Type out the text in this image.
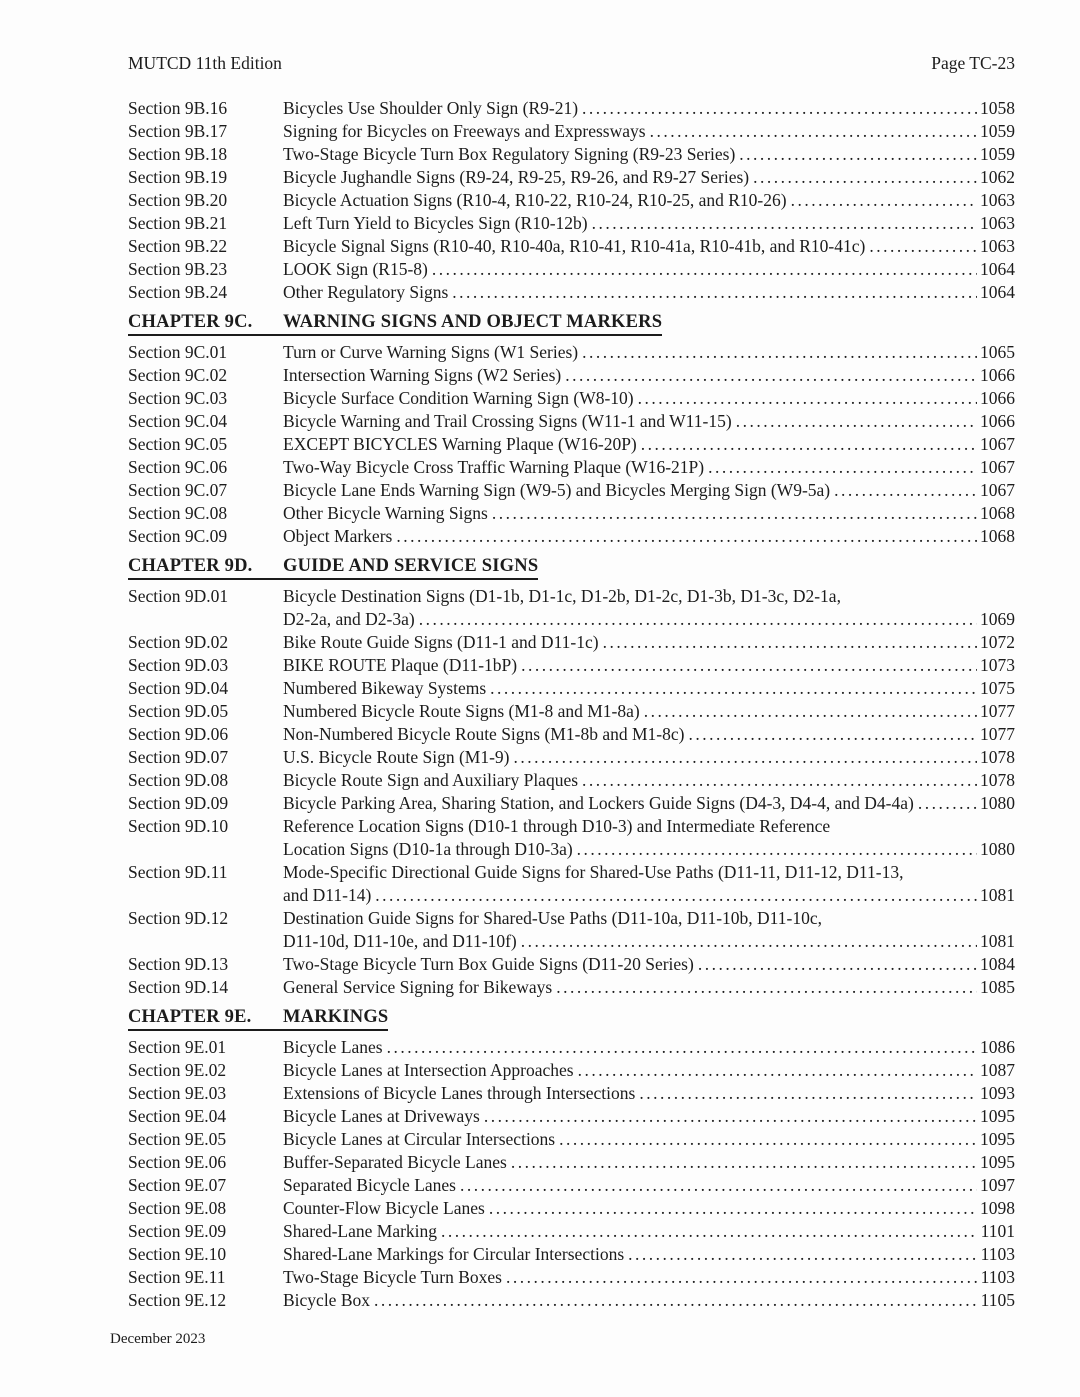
MUTCD 11th Edition	Page TC-23
Section 9B.16	Bicycles Use Shoulder Only Sign (R9-21) .....	1058
Section 9B.17	Signing for Bicycles on Freeways and Expressways .....	1059
Section 9B.18	Two-Stage Bicycle Turn Box Regulatory Signing (R9-23 Series) .....	1059
Section 9B.19	Bicycle Jughandle Signs (R9-24, R9-25, R9-26, and R9-27 Series) .....	1062
Section 9B.20	Bicycle Actuation Signs (R10-4, R10-22, R10-24, R10-25, and R10-26) .....	1063
Section 9B.21	Left Turn Yield to Bicycles Sign (R10-12b) .....	1063
Section 9B.22	Bicycle Signal Signs (R10-40, R10-40a, R10-41, R10-41a, R10-41b, and R10-41c) .....	1063
Section 9B.23	LOOK Sign (R15-8) .....	1064
Section 9B.24	Other Regulatory Signs .....	1064
CHAPTER 9C. WARNING SIGNS AND OBJECT MARKERS
Section 9C.01	Turn or Curve Warning Signs (W1 Series) .....	1065
Section 9C.02	Intersection Warning Signs (W2 Series) .....	1066
Section 9C.03	Bicycle Surface Condition Warning Sign (W8-10) .....	1066
Section 9C.04	Bicycle Warning and Trail Crossing Signs (W11-1 and W11-15) .....	1066
Section 9C.05	EXCEPT BICYCLES Warning Plaque (W16-20P) .....	1067
Section 9C.06	Two-Way Bicycle Cross Traffic Warning Plaque (W16-21P) .....	1067
Section 9C.07	Bicycle Lane Ends Warning Sign (W9-5) and Bicycles Merging Sign (W9-5a) .....	1067
Section 9C.08	Other Bicycle Warning Signs .....	1068
Section 9C.09	Object Markers .....	1068
CHAPTER 9D. GUIDE AND SERVICE SIGNS
Section 9D.01	Bicycle Destination Signs (D1-1b, D1-1c, D1-2b, D1-2c, D1-3b, D1-3c, D2-1a,
D2-2a, and D2-3a) .....	1069
Section 9D.02	Bike Route Guide Signs (D11-1 and D11-1c) .....	1072
Section 9D.03	BIKE ROUTE Plaque (D11-1bP) .....	1073
Section 9D.04	Numbered Bikeway Systems .....	1075
Section 9D.05	Numbered Bicycle Route Signs (M1-8 and M1-8a) .....	1077
Section 9D.06	Non-Numbered Bicycle Route Signs (M1-8b and M1-8c) .....	1077
Section 9D.07	U.S. Bicycle Route Sign (M1-9) .....	1078
Section 9D.08	Bicycle Route Sign and Auxiliary Plaques .....	1078
Section 9D.09	Bicycle Parking Area, Sharing Station, and Lockers Guide Signs (D4-3, D4-4, and D4-4a) .....	1080
Section 9D.10	Reference Location Signs (D10-1 through D10-3) and Intermediate Reference
Location Signs (D10-1a through D10-3a) .....	1080
Section 9D.11	Mode-Specific Directional Guide Signs for Shared-Use Paths (D11-11, D11-12, D11-13,
and D11-14) .....	1081
Section 9D.12	Destination Guide Signs for Shared-Use Paths (D11-10a, D11-10b, D11-10c,
D11-10d, D11-10e, and D11-10f) .....	1081
Section 9D.13	Two-Stage Bicycle Turn Box Guide Signs (D11-20 Series) .....	1084
Section 9D.14	General Service Signing for Bikeways .....	1085
CHAPTER 9E. MARKINGS
Section 9E.01	Bicycle Lanes .....	1086
Section 9E.02	Bicycle Lanes at Intersection Approaches .....	1087
Section 9E.03	Extensions of Bicycle Lanes through Intersections .....	1093
Section 9E.04	Bicycle Lanes at Driveways .....	1095
Section 9E.05	Bicycle Lanes at Circular Intersections .....	1095
Section 9E.06	Buffer-Separated Bicycle Lanes .....	1095
Section 9E.07	Separated Bicycle Lanes .....	1097
Section 9E.08	Counter-Flow Bicycle Lanes .....	1098
Section 9E.09	Shared-Lane Marking .....	1101
Section 9E.10	Shared-Lane Markings for Circular Intersections .....	1103
Section 9E.11	Two-Stage Bicycle Turn Boxes .....	1103
Section 9E.12	Bicycle Box .....	1105
December 2023
